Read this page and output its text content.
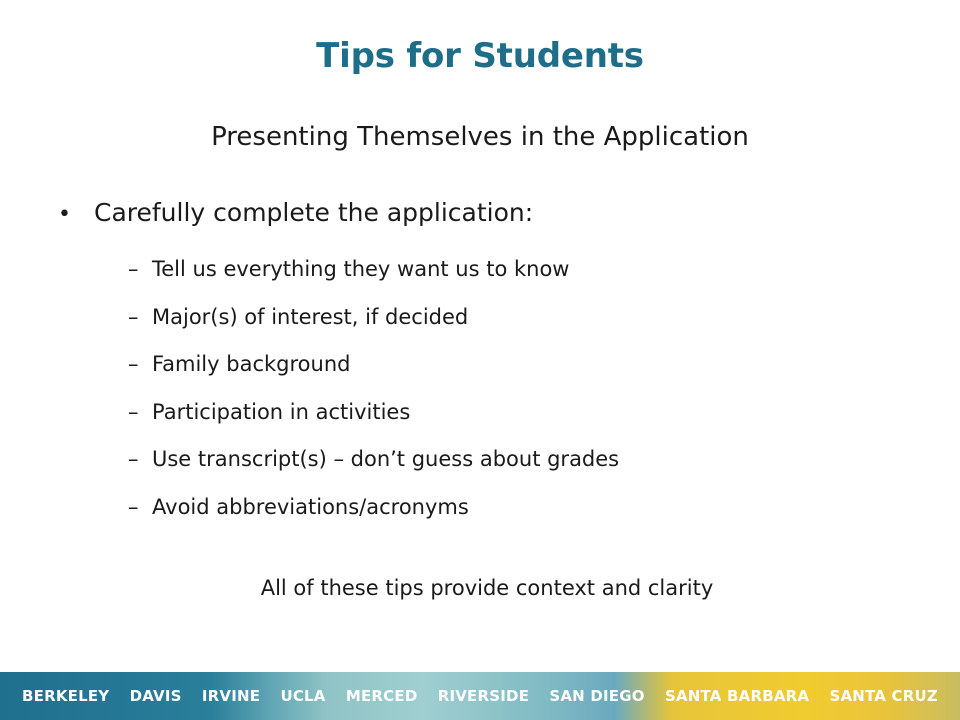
Tips for Students
Presenting Themselves in the Application
• Carefully complete the application:
– Tell us everything they want us to know
– Major(s) of interest, if decided
– Family background
– Participation in activities
– Use transcript(s) – don’t guess about grades
– Avoid abbreviations/acronyms
All of these tips provide context and clarity
BERKELEY DAVIS IRVINE UCLA MERCED RIVERSIDE SAN DIEGO SANTA BARBARA SANTA CRUZ
